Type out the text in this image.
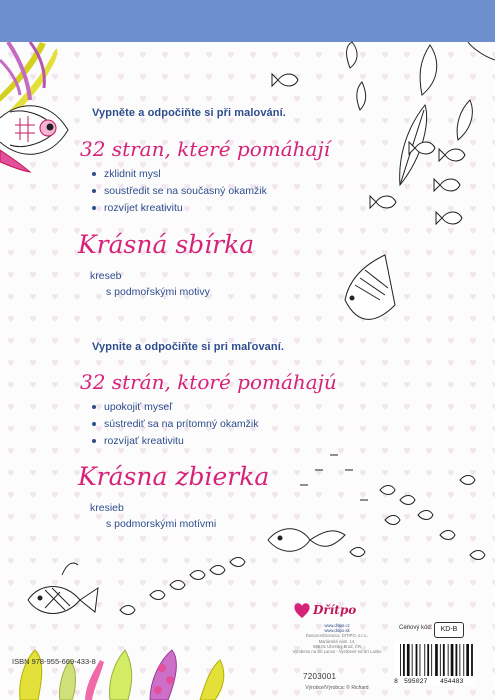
Vypněte a odpočiňte si při malování.
32 stran, které pomáhají
zklidnit mysl
soustředit se na současný okamžik
rozvíjet kreativitu
Krásná sbírka
kreseb
s podmořskými motivy
Vypnite a odpočiňte si pri maľovaní.
32 strán, ktoré pomáhajú
upokojiť myseľ
sústrediť sa na prítomný okamžik
rozvíjať kreativitu
Krásna zbierka
kresieb
s podmorskými motívmi
Dřítpo
www.ditipo.cz
www.ditipo.sk
Dovozce/Dovozca: DITIPO, s.r.o.,
Mariánské nám. 14,
688 01 Uherský Brod, ČR
Vyrobeno na Srí Lance - Vyrobené na Srí Lanke
Výrobce/Výrobca: © Richard
Cenový kód:	KD-B
8 595027 454483
ISBN 978-955-669-433-8
7203001
